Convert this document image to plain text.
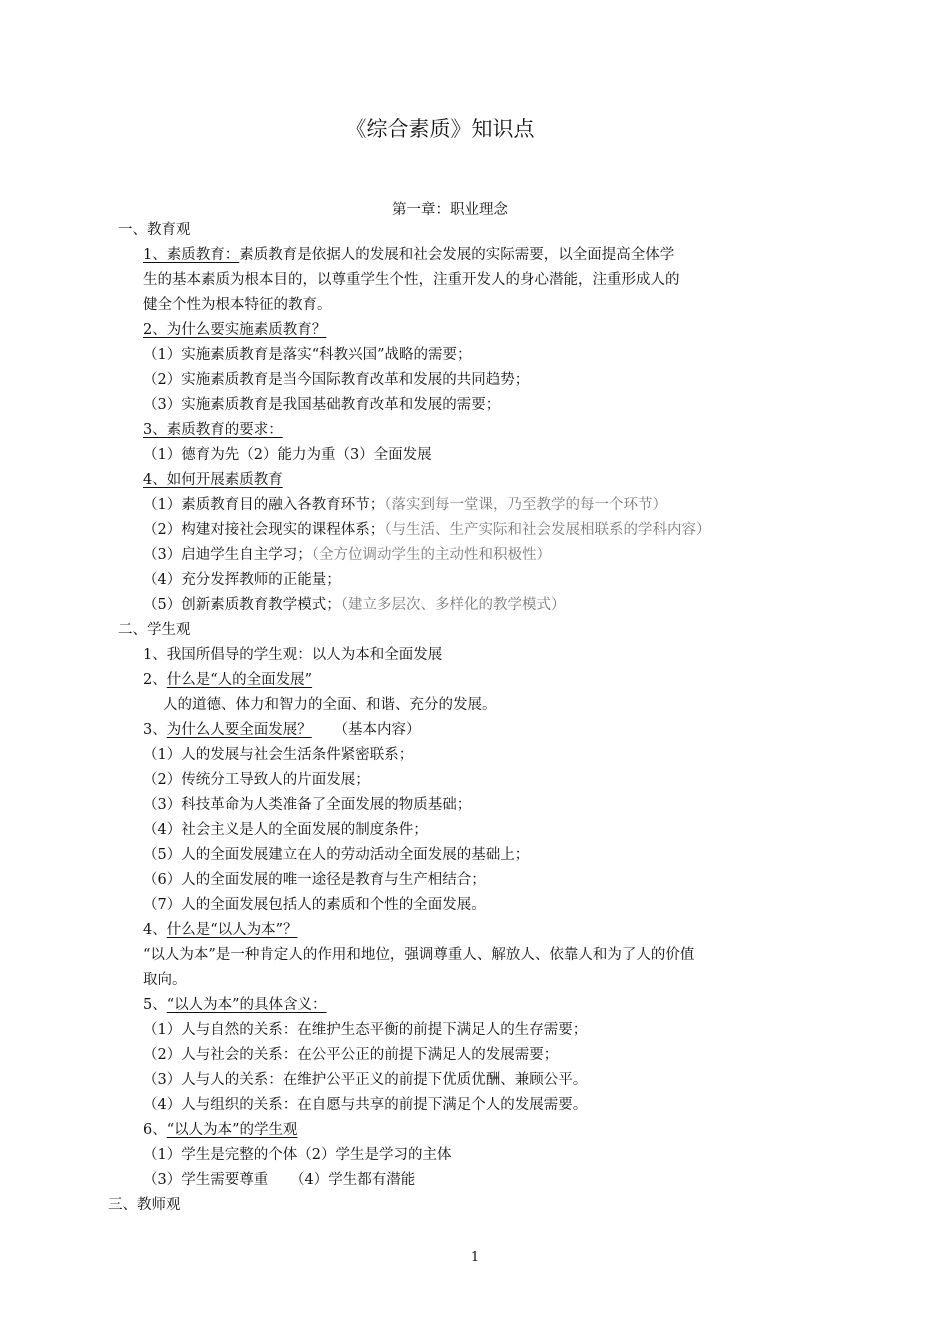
《综合素质》知识点
第一章：职业理念
一、教育观
1、素质教育：素质教育是依据人的发展和社会发展的实际需要，以全面提高全体学
生的基本素质为根本目的，以尊重学生个性，注重开发人的身心潜能，注重形成人的
健全个性为根本特征的教育。
2、为什么要实施素质教育？
（1）实施素质教育是落实“科教兴国”战略的需要；
（2）实施素质教育是当今国际教育改革和发展的共同趋势；
（3）实施素质教育是我国基础教育改革和发展的需要；
3、素质教育的要求：
（1）德育为先（2）能力为重（3）全面发展
4、如何开展素质教育
（1）素质教育目的融入各教育环节；（落实到每一堂课，乃至教学的每一个环节）
（2）构建对接社会现实的课程体系；（与生活、生产实际和社会发展相联系的学科内容）
（3）启迪学生自主学习；（全方位调动学生的主动性和积极性）
（4）充分发挥教师的正能量；
（5）创新素质教育教学模式；（建立多层次、多样化的教学模式）
二、学生观
1、我国所倡导的学生观：以人为本和全面发展
2、什么是“人的全面发展”
人的道德、体力和智力的全面、和谐、充分的发展。
3、为什么人要全面发展？　　（基本内容）
（1）人的发展与社会生活条件紧密联系；
（2）传统分工导致人的片面发展；
（3）科技革命为人类准备了全面发展的物质基础；
（4）社会主义是人的全面发展的制度条件；
（5）人的全面发展建立在人的劳动活动全面发展的基础上；
（6）人的全面发展的唯一途径是教育与生产相结合；
（7）人的全面发展包括人的素质和个性的全面发展。
4、什么是“以人为本”？
“以人为本”是一种肯定人的作用和地位，强调尊重人、解放人、依靠人和为了人的价值
取向。
5、“以人为本”的具体含义：
（1）人与自然的关系：在维护生态平衡的前提下满足人的生存需要；
（2）人与社会的关系：在公平公正的前提下满足人的发展需要；
（3）人与人的关系：在维护公平正义的前提下优质优酬、兼顾公平。
（4）人与组织的关系：在自愿与共享的前提下满足个人的发展需要。
6、“以人为本”的学生观
（1）学生是完整的个体（2）学生是学习的主体
（3）学生需要尊重　　（4）学生都有潜能
三、教师观
1
